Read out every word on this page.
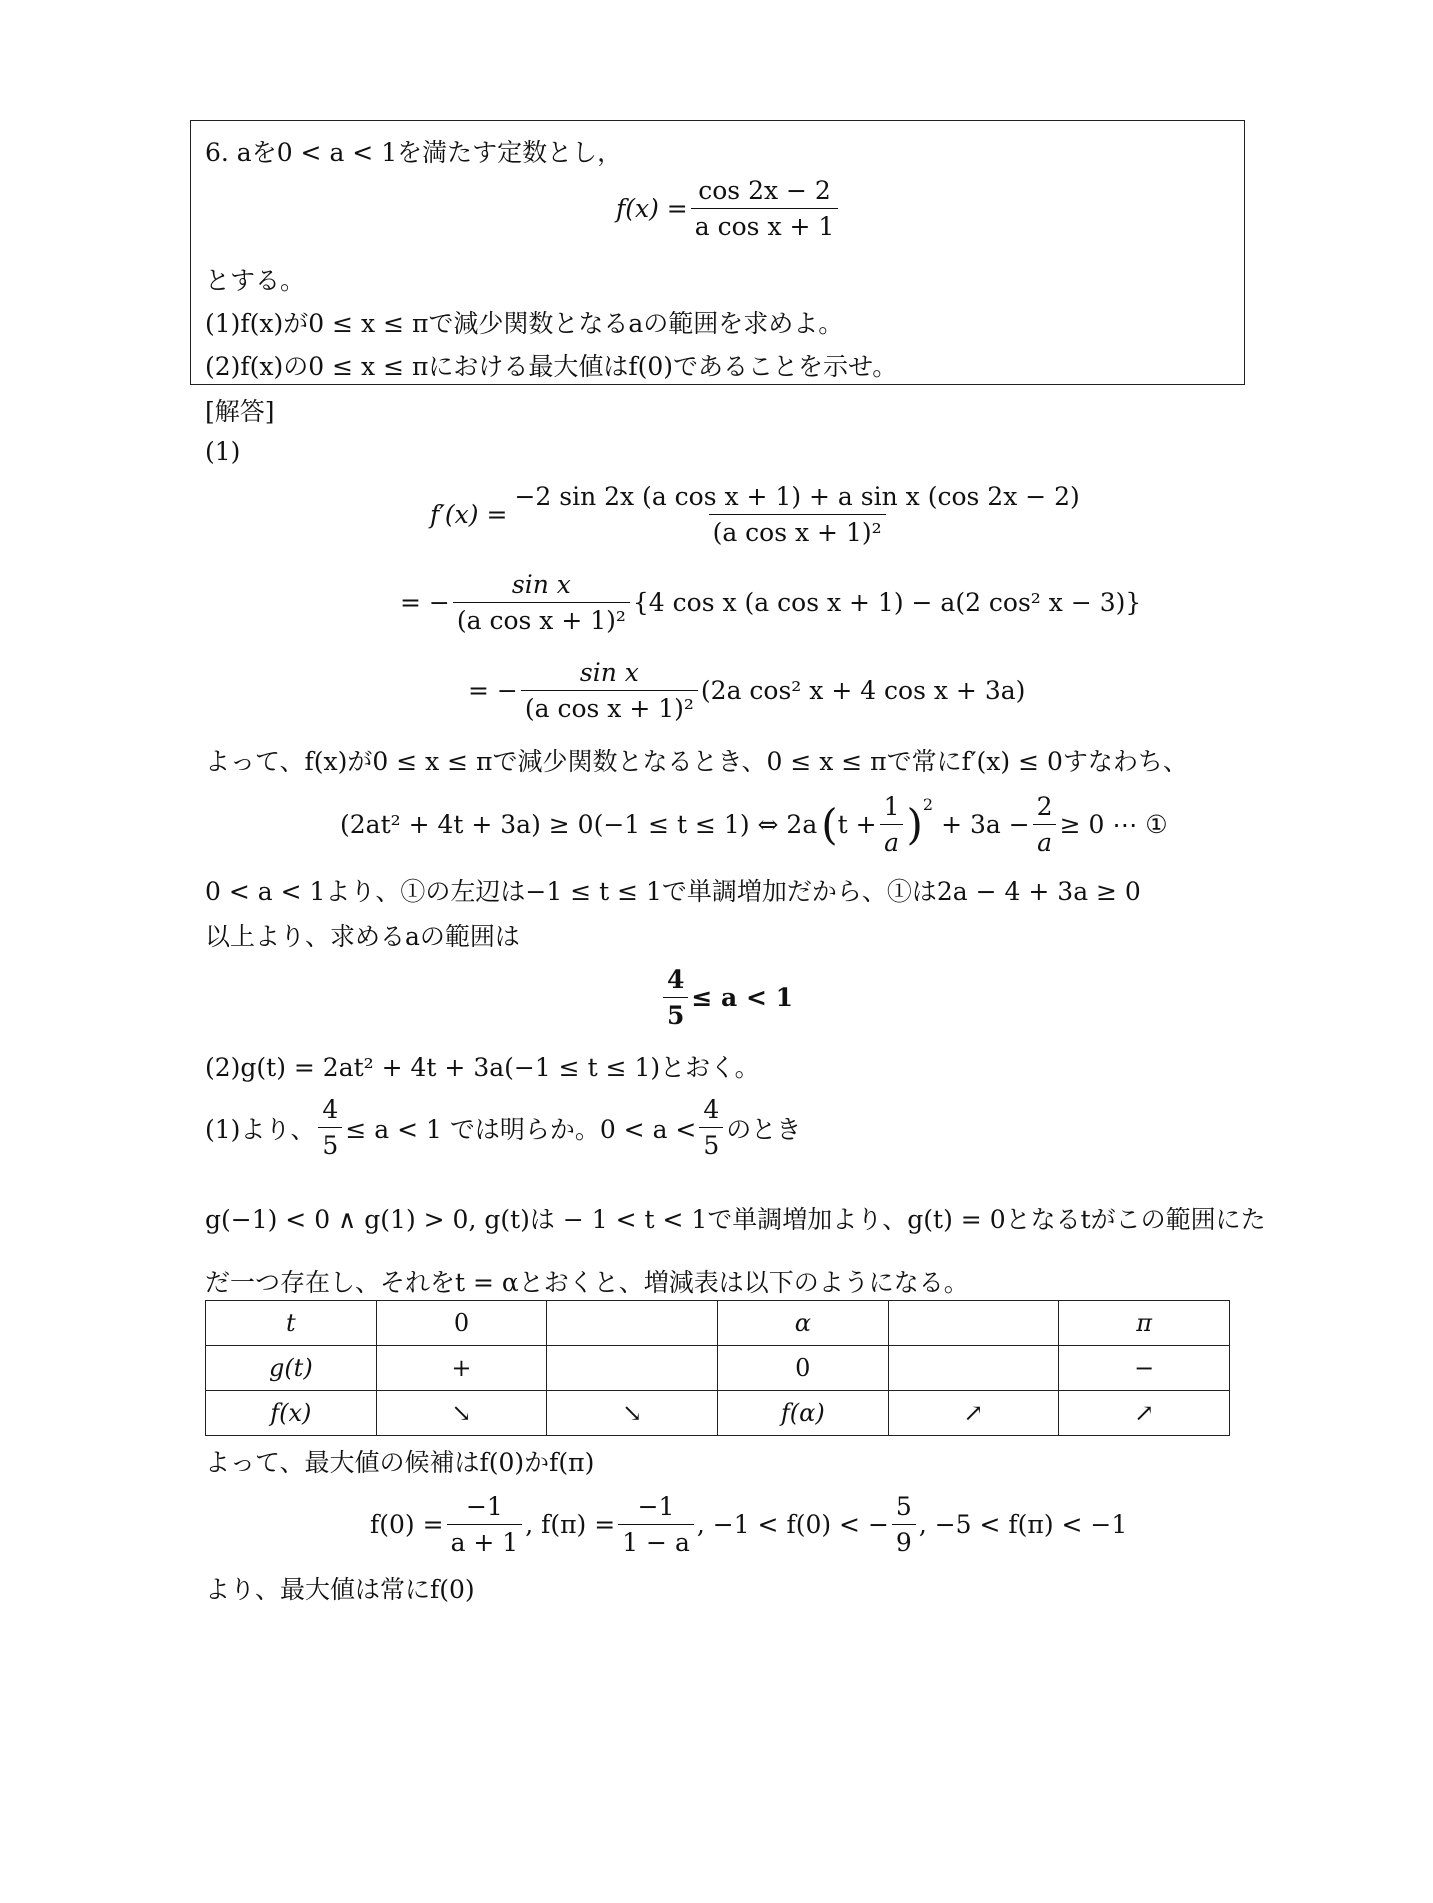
6. aを0 < a < 1を満たす定数とし，
$f(x) = \frac{\cos 2x - 2}{\text{a cos x + 1}}$
とする。
(1)f(x)が0 ≤ x ≤ πで減少関数となるaの範囲を求めよ。
(2)f(x)の0 ≤ x ≤ πにおける最大値はf(0)であることを示せ。
[解答]
(1)
$f'(x) = \frac{\text{−2 sin 2x (a cos x + 1) + a sin x (cos 2x − 2)}}{\text{(a cos x + 1)²}}$
= − $\frac{\text{sin x}}{\text{(a cos x + 1)²}} \{4$ cos x (a cos x + 1) − a(2 cos² x − 3)}
= − $\frac{\text{sin x}}{\text{(a cos x + 1)²}} (2a$ cos² x + 4 cos x + 3a)
よって、f(x)が0 ≤ x ≤ πで減少関数となるとき、0 ≤ x ≤ πで常にf′(x) ≤ 0すなわち、
(2at² + 4t + 3a) ≥ 0(−1 ≤ t ≤ 1) ⇔ 2a ( $t + \frac{1}{a}$ ) 2
+ $3a - \frac{2}{a} \ge 0$ ⋯ ①
0 < a < 1より、①の左辺は−1 ≤ t ≤ 1で単調増加だから、①は2a − 4 + 3a ≥ 0
以上より、求めるaの範囲は
$\frac{4}{5} \le a < 1$
(2)g(t) = 2at² + 4t + 3a(−1 ≤ t ≤ 1)とおく。
(1)より、 $\frac{4}{5} \le a < 1$ では明らか。$0 < a < \frac{4}{5}$ のとき
g(−1) < 0 ∧ g(1) > 0, g(t)は − 1 < t < 1で単調増加より、g(t) = 0となるtがこの範囲にた
だ一つ存在し、それをt = αとおくと、増減表は以下のようになる。
t	0		α		π
g(t)	+		0		−
f(x)	↘	↘	f(α)	↗	↗
よって、最大値の候補はf(0)かf(π)
$f(0) = \frac{-1}{a + 1}$ , $f(\pi) = \frac{-1}{1 - a}$ , −1 < f(0) < − $\frac{5}{9}$ , −5 < f(π) < −1
より、最大値は常にf(0)
